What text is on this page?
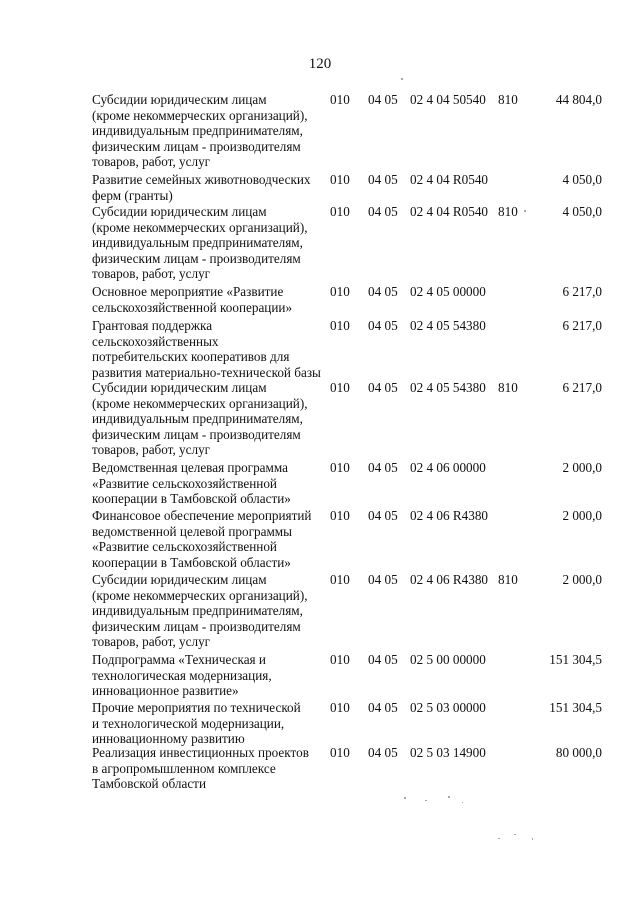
120
Субсидии юридическим лицам
(кроме некоммерческих организаций),
индивидуальным предпринимателям,
физическим лицам - производителям
товаров, работ, услуг
010 04 05 02 4 04 50540 810	44 804,0
Развитие семейных животноводческих
ферм (гранты)
010 04 05 02 4 04 R0540	4 050,0
Субсидии юридическим лицам
(кроме некоммерческих организаций),
индивидуальным предпринимателям,
физическим лицам - производителям
товаров, работ, услуг
010 04 05 02 4 04 R0540 810	4 050,0
Основное мероприятие «Развитие
сельскохозяйственной кооперации»
010 04 05 02 4 05 00000	6 217,0
Грантовая поддержка
сельскохозяйственных
потребительских кооперативов для
развития материально-технической базы
010 04 05 02 4 05 54380	6 217,0
Субсидии юридическим лицам
(кроме некоммерческих организаций),
индивидуальным предпринимателям,
физическим лицам - производителям
товаров, работ, услуг
010 04 05 02 4 05 54380 810	6 217,0
Ведомственная целевая программа
«Развитие сельскохозяйственной
кооперации в Тамбовской области»
010 04 05 02 4 06 00000	2 000,0
Финансовое обеспечение мероприятий
ведомственной целевой программы
«Развитие сельскохозяйственной
кооперации в Тамбовской области»
010 04 05 02 4 06 R4380	2 000,0
Субсидии юридическим лицам
(кроме некоммерческих организаций),
индивидуальным предпринимателям,
физическим лицам - производителям
товаров, работ, услуг
010 04 05 02 4 06 R4380 810	2 000,0
Подпрограмма «Техническая и
технологическая модернизация,
инновационное развитие»
010 04 05 02 5 00 00000	151 304,5
Прочие мероприятия по технической
и технологической модернизации,
инновационному развитию
010 04 05 02 5 03 00000	151 304,5
Реализация инвестиционных проектов
в агропромышленном комплексе
Тамбовской области
010 04 05 02 5 03 14900	80 000,0
